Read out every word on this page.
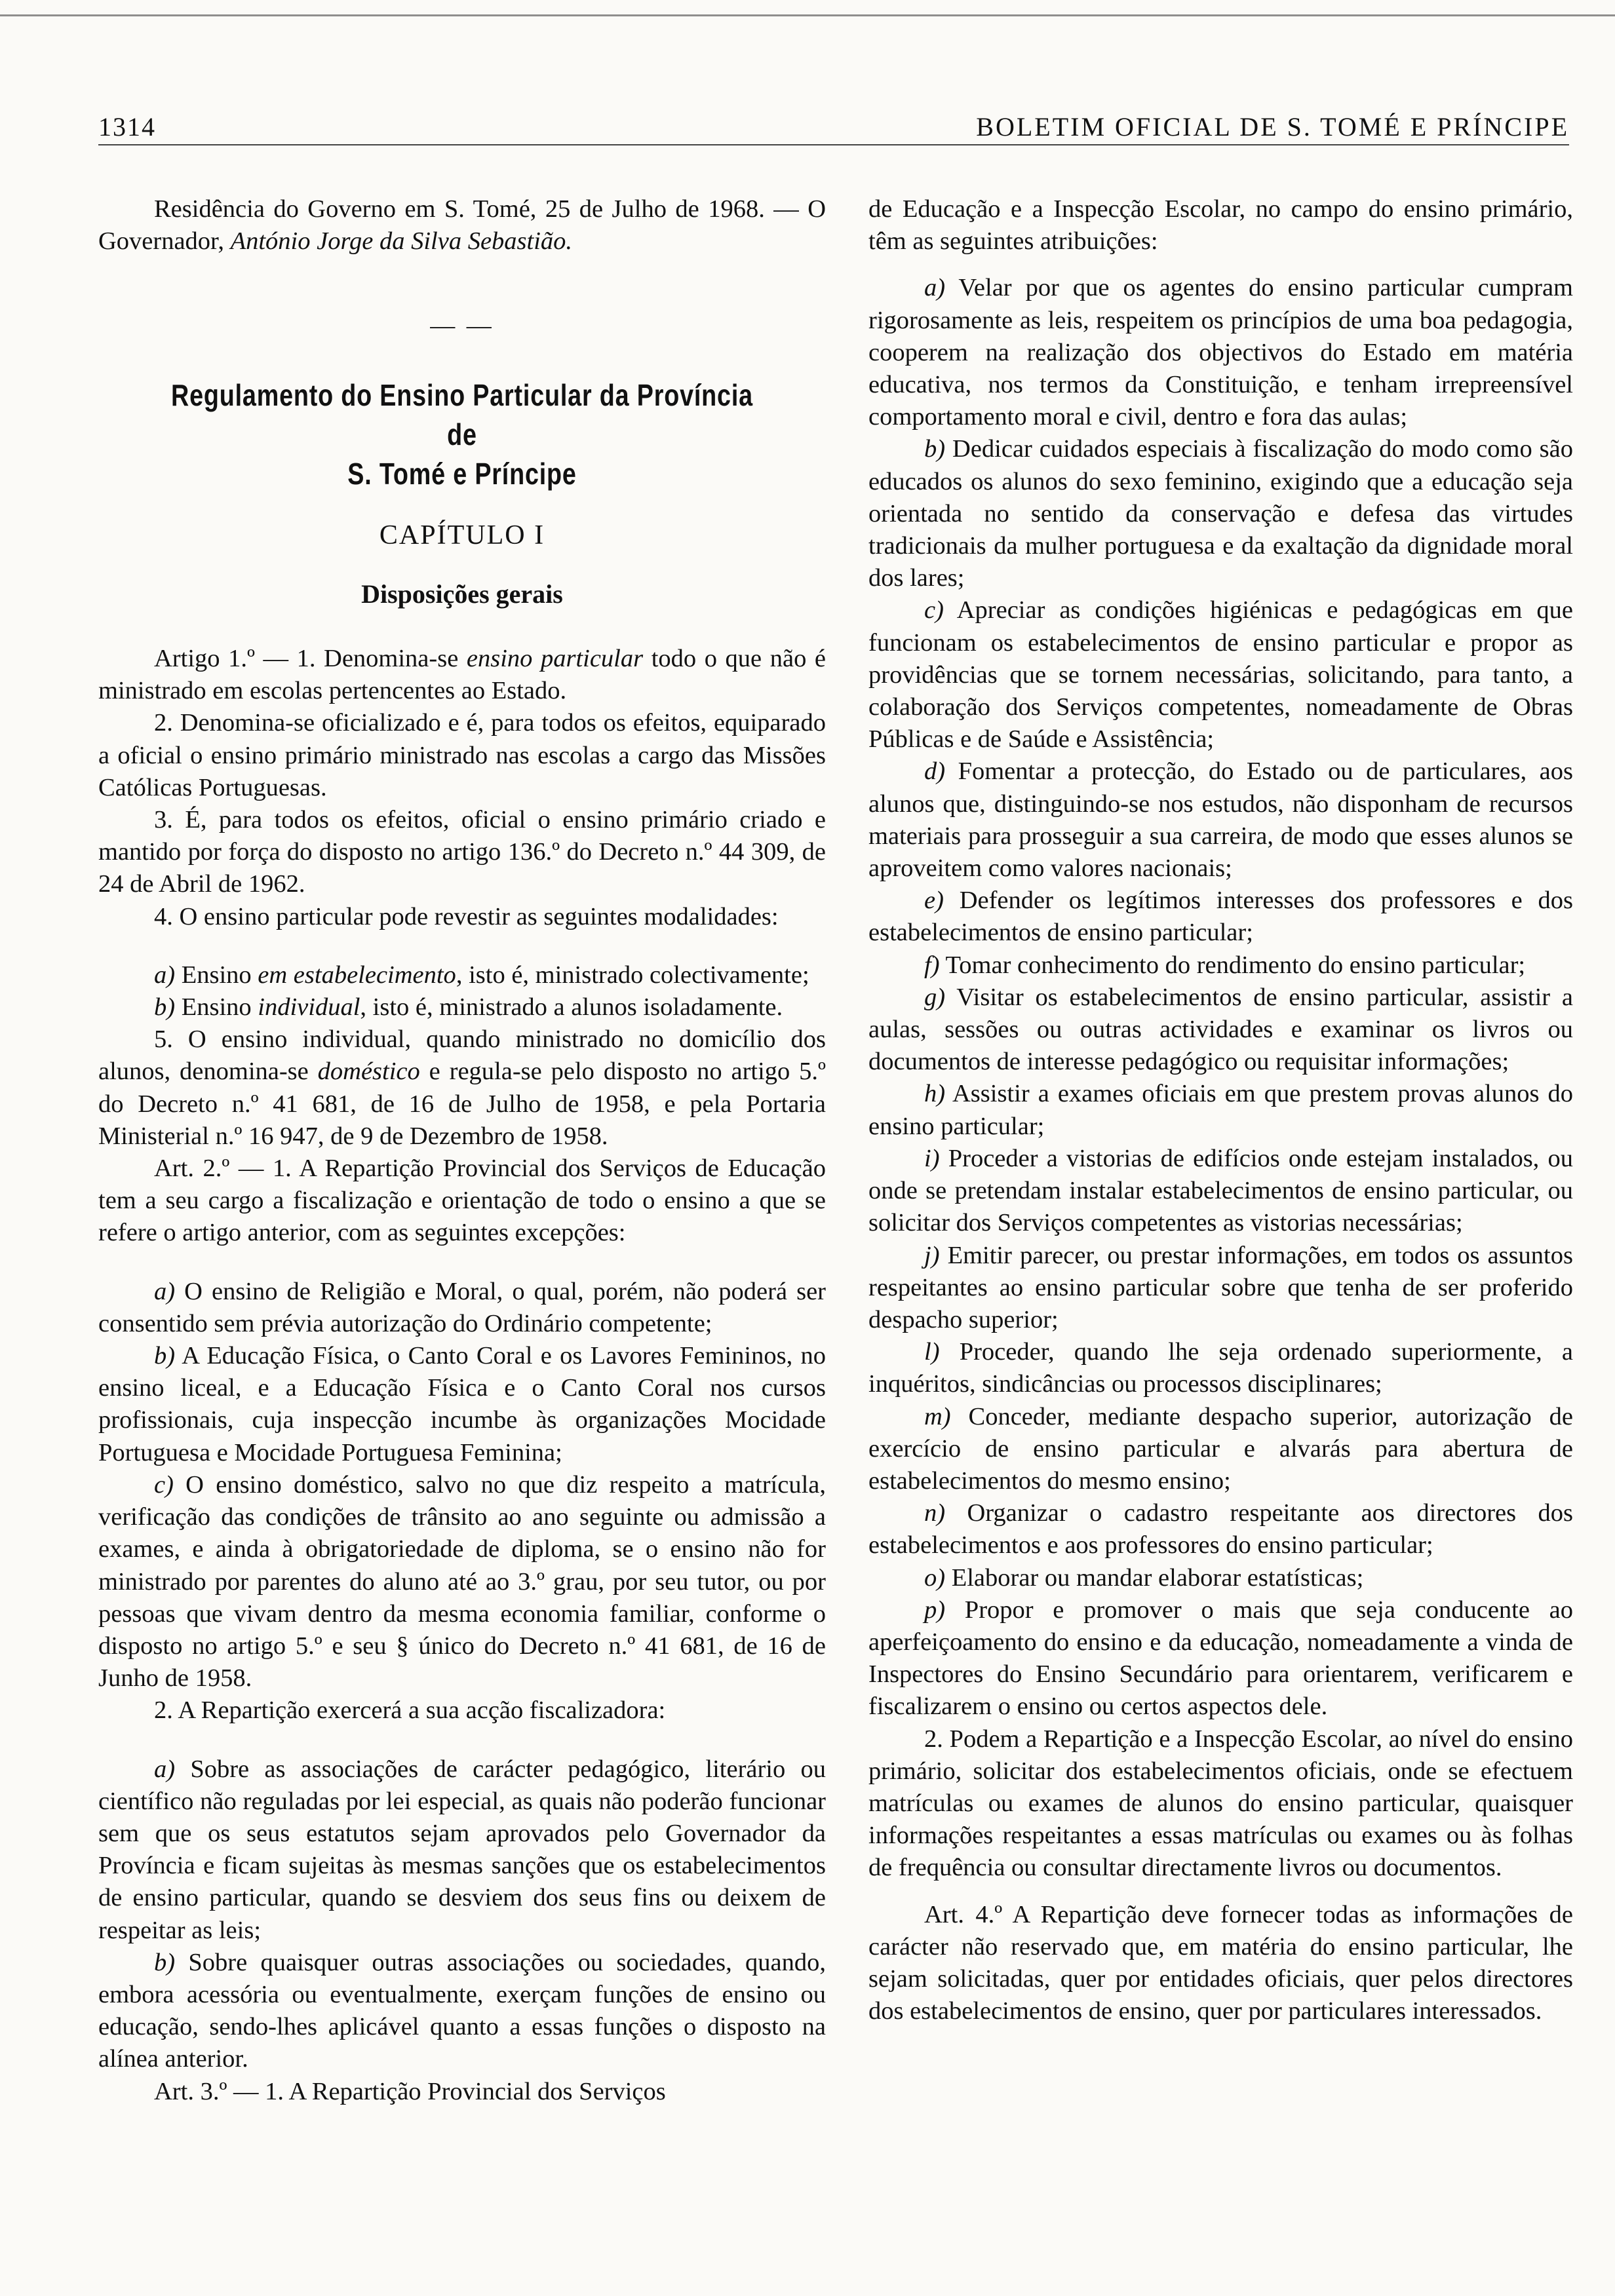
1314	BOLETIM OFICIAL DE S. TOMÉ E PRÍNCIPE

Residência do Governo em S. Tomé, 25 de Julho de 1968. — O Governador, António Jorge da Silva Sebastião.

— —
Regulamento do Ensino Particular da Província de
S. Tomé e Príncipe
CAPÍTULO I
Disposições gerais

Artigo 1.º — 1. Denomina-se ensino particular todo o que não é ministrado em escolas pertencentes ao Estado.

2. Denomina-se oficializado e é, para todos os efeitos, equiparado a oficial o ensino primário ministrado nas escolas a cargo das Missões Católicas Portuguesas.

3. É, para todos os efeitos, oficial o ensino primário criado e mantido por força do disposto no artigo 136.º do Decreto n.º 44 309, de 24 de Abril de 1962.

4. O ensino particular pode revestir as seguintes modalidades:

a) Ensino em estabelecimento, isto é, ministrado colectivamente;

b) Ensino individual, isto é, ministrado a alunos isoladamente.

5. O ensino individual, quando ministrado no domicílio dos alunos, denomina-se doméstico e regula-se pelo disposto no artigo 5.º do Decreto n.º 41 681, de 16 de Julho de 1958, e pela Portaria Ministerial n.º 16 947, de 9 de Dezembro de 1958.

Art. 2.º — 1. A Repartição Provincial dos Serviços de Educação tem a seu cargo a fiscalização e orientação de todo o ensino a que se refere o artigo anterior, com as seguintes excepções:

a) O ensino de Religião e Moral, o qual, porém, não poderá ser consentido sem prévia autorização do Ordinário competente;

b) A Educação Física, o Canto Coral e os Lavores Femininos, no ensino liceal, e a Educação Física e o Canto Coral nos cursos profissionais, cuja inspecção incumbe às organizações Mocidade Portuguesa e Mocidade Portuguesa Feminina;

c) O ensino doméstico, salvo no que diz respeito a matrícula, verificação das condições de trânsito ao ano seguinte ou admissão a exames, e ainda à obrigatoriedade de diploma, se o ensino não for ministrado por parentes do aluno até ao 3.º grau, por seu tutor, ou por pessoas que vivam dentro da mesma economia familiar, conforme o disposto no artigo 5.º e seu § único do Decreto n.º 41 681, de 16 de Junho de 1958.

2. A Repartição exercerá a sua acção fiscalizadora:

a) Sobre as associações de carácter pedagógico, literário ou científico não reguladas por lei especial, as quais não poderão funcionar sem que os seus estatutos sejam aprovados pelo Governador da Província e ficam sujeitas às mesmas sanções que os estabelecimentos de ensino particular, quando se desviem dos seus fins ou deixem de respeitar as leis;

b) Sobre quaisquer outras associações ou sociedades, quando, embora acessória ou eventualmente, exerçam funções de ensino ou educação, sendo-lhes aplicável quanto a essas funções o disposto na alínea anterior.

Art. 3.º — 1. A Repartição Provincial dos Serviços

de Educação e a Inspecção Escolar, no campo do ensino primário, têm as seguintes atribuições:

a) Velar por que os agentes do ensino particular cumpram rigorosamente as leis, respeitem os princípios de uma boa pedagogia, cooperem na realização dos objectivos do Estado em matéria educativa, nos termos da Constituição, e tenham irrepreensível comportamento moral e civil, dentro e fora das aulas;

b) Dedicar cuidados especiais à fiscalização do modo como são educados os alunos do sexo feminino, exigindo que a educação seja orientada no sentido da conservação e defesa das virtudes tradicionais da mulher portuguesa e da exaltação da dignidade moral dos lares;

c) Apreciar as condições higiénicas e pedagógicas em que funcionam os estabelecimentos de ensino particular e propor as providências que se tornem necessárias, solicitando, para tanto, a colaboração dos Serviços competentes, nomeadamente de Obras Públicas e de Saúde e Assistência;

d) Fomentar a protecção, do Estado ou de particulares, aos alunos que, distinguindo-se nos estudos, não disponham de recursos materiais para prosseguir a sua carreira, de modo que esses alunos se aproveitem como valores nacionais;

e) Defender os legítimos interesses dos professores e dos estabelecimentos de ensino particular;

f) Tomar conhecimento do rendimento do ensino particular;

g) Visitar os estabelecimentos de ensino particular, assistir a aulas, sessões ou outras actividades e examinar os livros ou documentos de interesse pedagógico ou requisitar informações;

h) Assistir a exames oficiais em que prestem provas alunos do ensino particular;

i) Proceder a vistorias de edifícios onde estejam instalados, ou onde se pretendam instalar estabelecimentos de ensino particular, ou solicitar dos Serviços competentes as vistorias necessárias;

j) Emitir parecer, ou prestar informações, em todos os assuntos respeitantes ao ensino particular sobre que tenha de ser proferido despacho superior;

l) Proceder, quando lhe seja ordenado superiormente, a inquéritos, sindicâncias ou processos disciplinares;

m) Conceder, mediante despacho superior, autorização de exercício de ensino particular e alvarás para abertura de estabelecimentos do mesmo ensino;

n) Organizar o cadastro respeitante aos directores dos estabelecimentos e aos professores do ensino particular;

o) Elaborar ou mandar elaborar estatísticas;

p) Propor e promover o mais que seja conducente ao aperfeiçoamento do ensino e da educação, nomeadamente a vinda de Inspectores do Ensino Secundário para orientarem, verificarem e fiscalizarem o ensino ou certos aspectos dele.

2. Podem a Repartição e a Inspecção Escolar, ao nível do ensino primário, solicitar dos estabelecimentos oficiais, onde se efectuem matrículas ou exames de alunos do ensino particular, quaisquer informações respeitantes a essas matrículas ou exames ou às folhas de frequência ou consultar directamente livros ou documentos.

Art. 4.º A Repartição deve fornecer todas as informações de carácter não reservado que, em matéria do ensino particular, lhe sejam solicitadas, quer por entidades oficiais, quer pelos directores dos estabelecimentos de ensino, quer por particulares interessados.
